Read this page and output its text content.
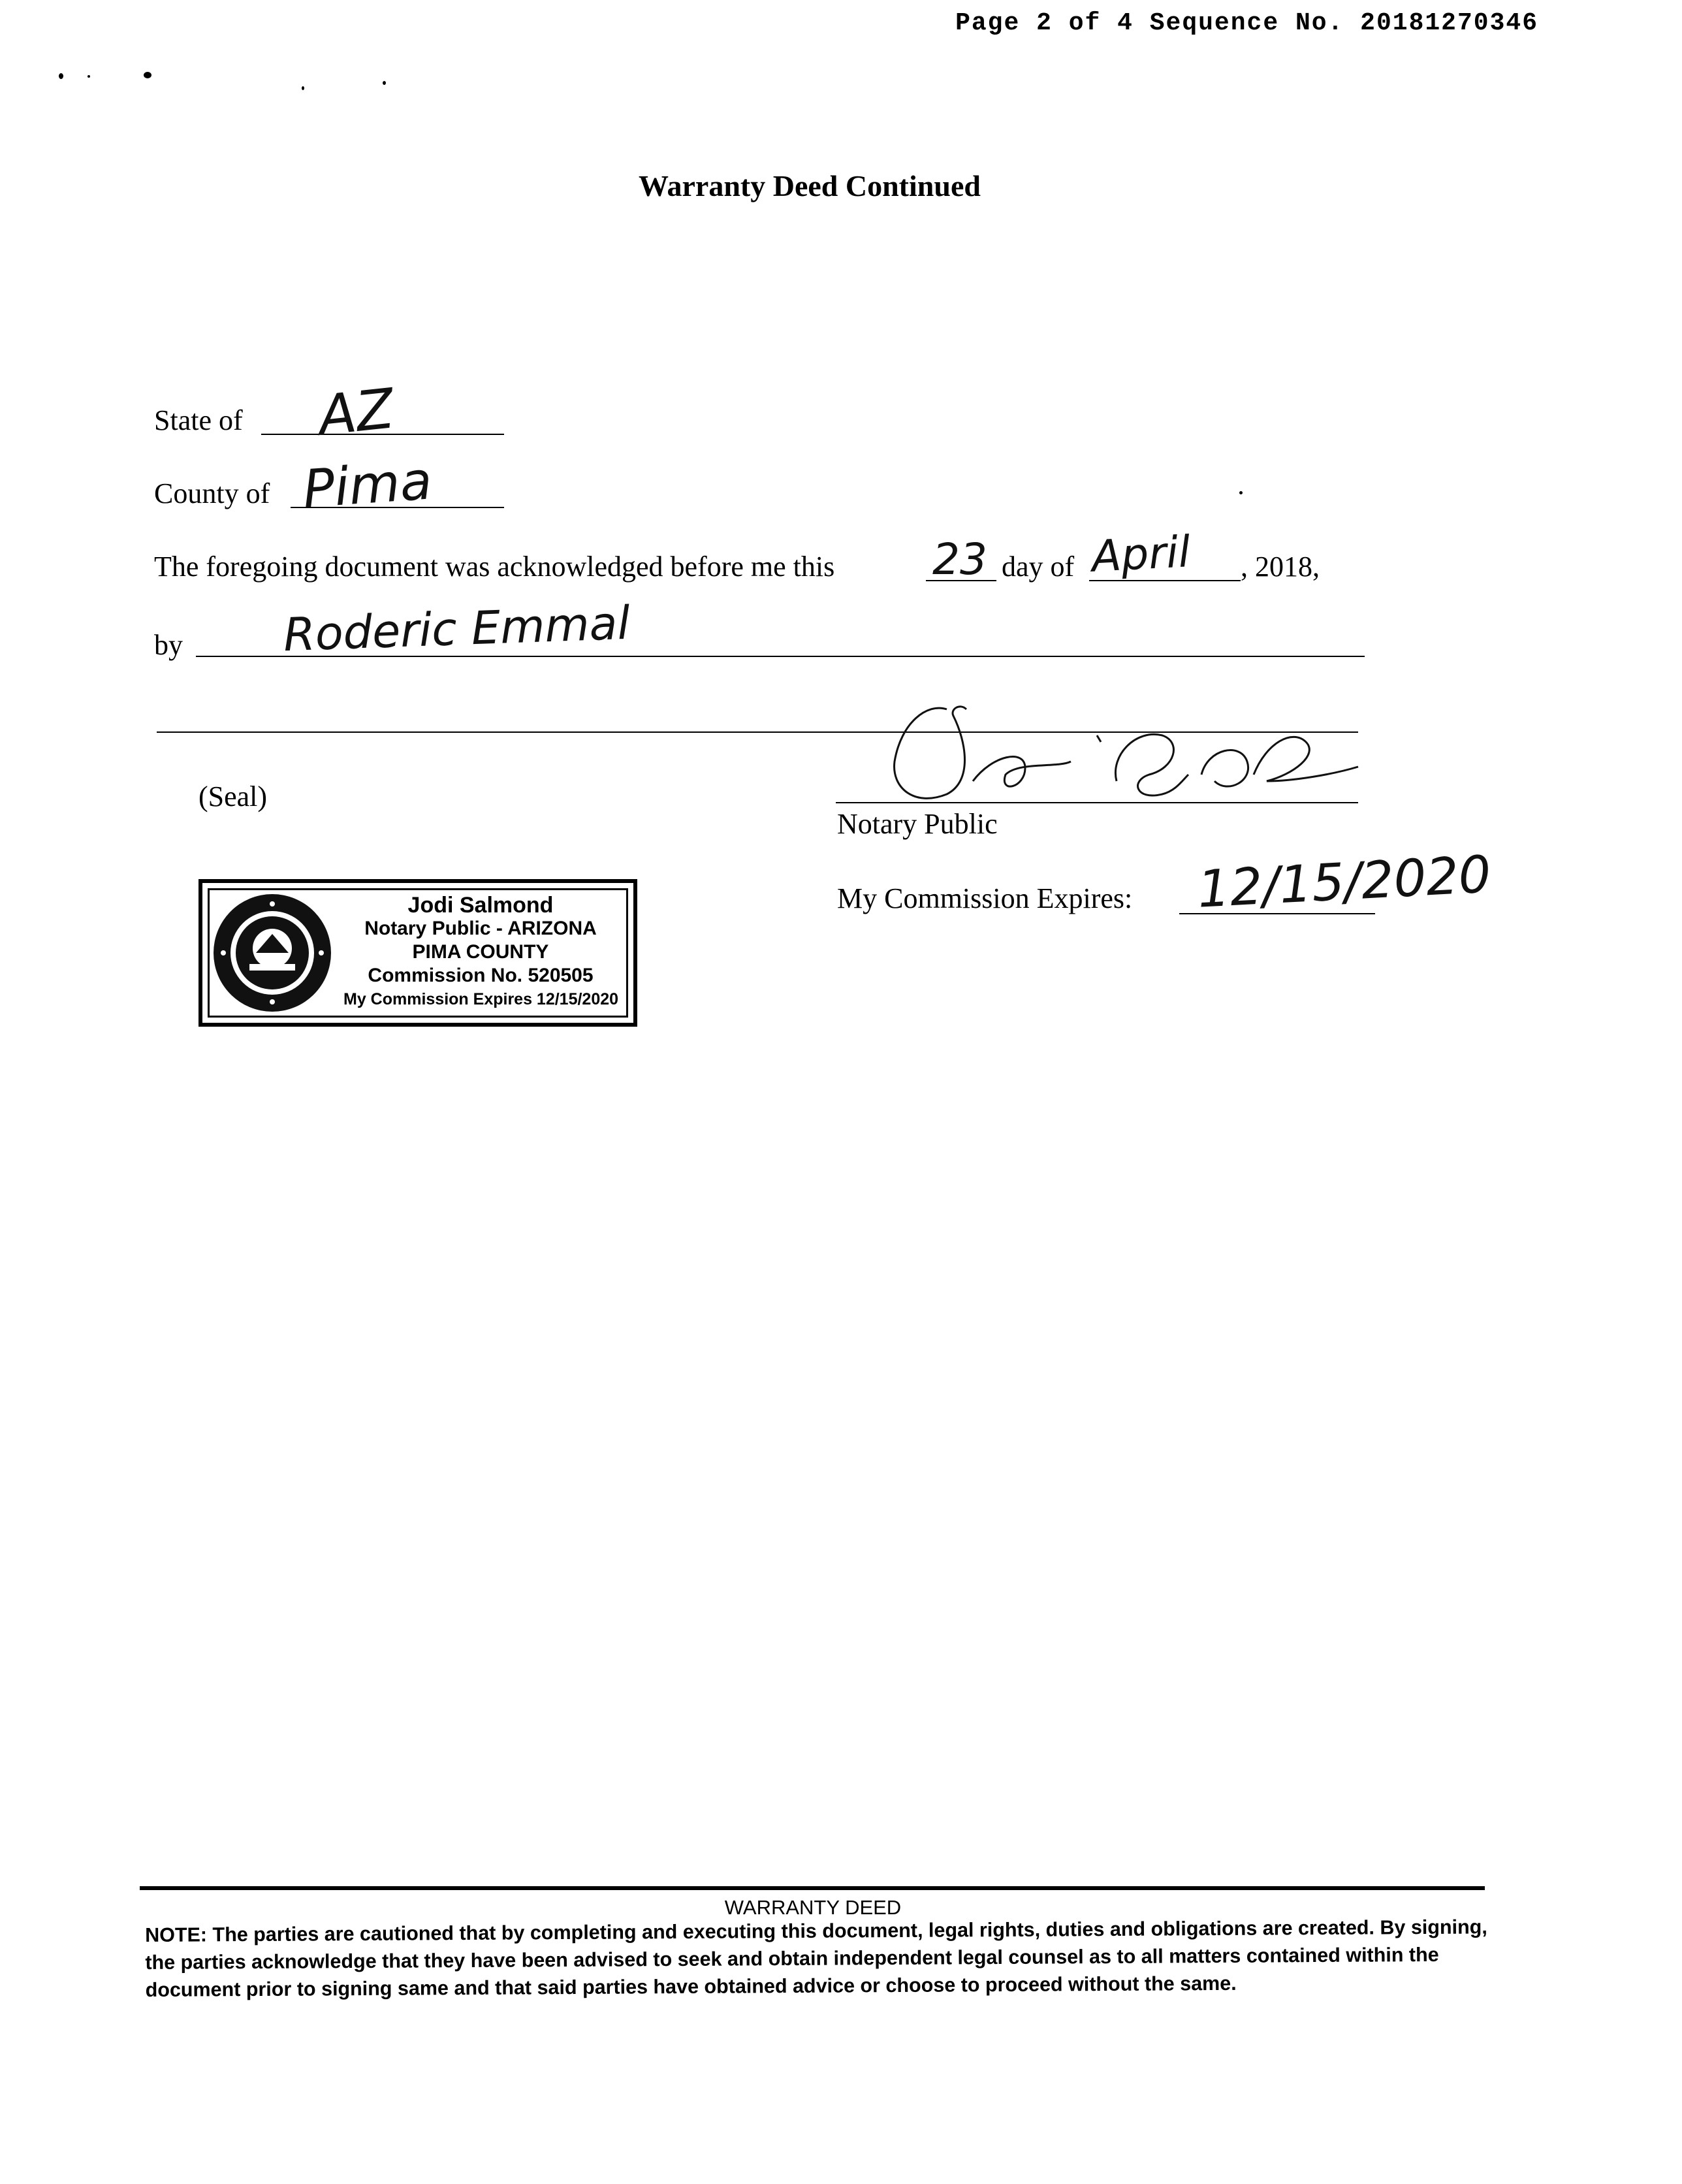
Page 2 of 4 Sequence No. 20181270346
Warranty Deed Continued
State of AZ
County of Pima
The foregoing document was acknowledged before me this 23 day of April , 2018,
by Roderic Emmal
(Seal)
Notary Public
My Commission Expires: 12/15/2020
Jodi Salmond
Notary Public - ARIZONA
PIMA COUNTY
Commission No. 520505
My Commission Expires 12/15/2020
WARRANTY DEED
NOTE: The parties are cautioned that by completing and executing this document, legal rights, duties and obligations are created. By signing, the parties acknowledge that they have been advised to seek and obtain independent legal counsel as to all matters contained within the document prior to signing same and that said parties have obtained advice or choose to proceed without the same.
